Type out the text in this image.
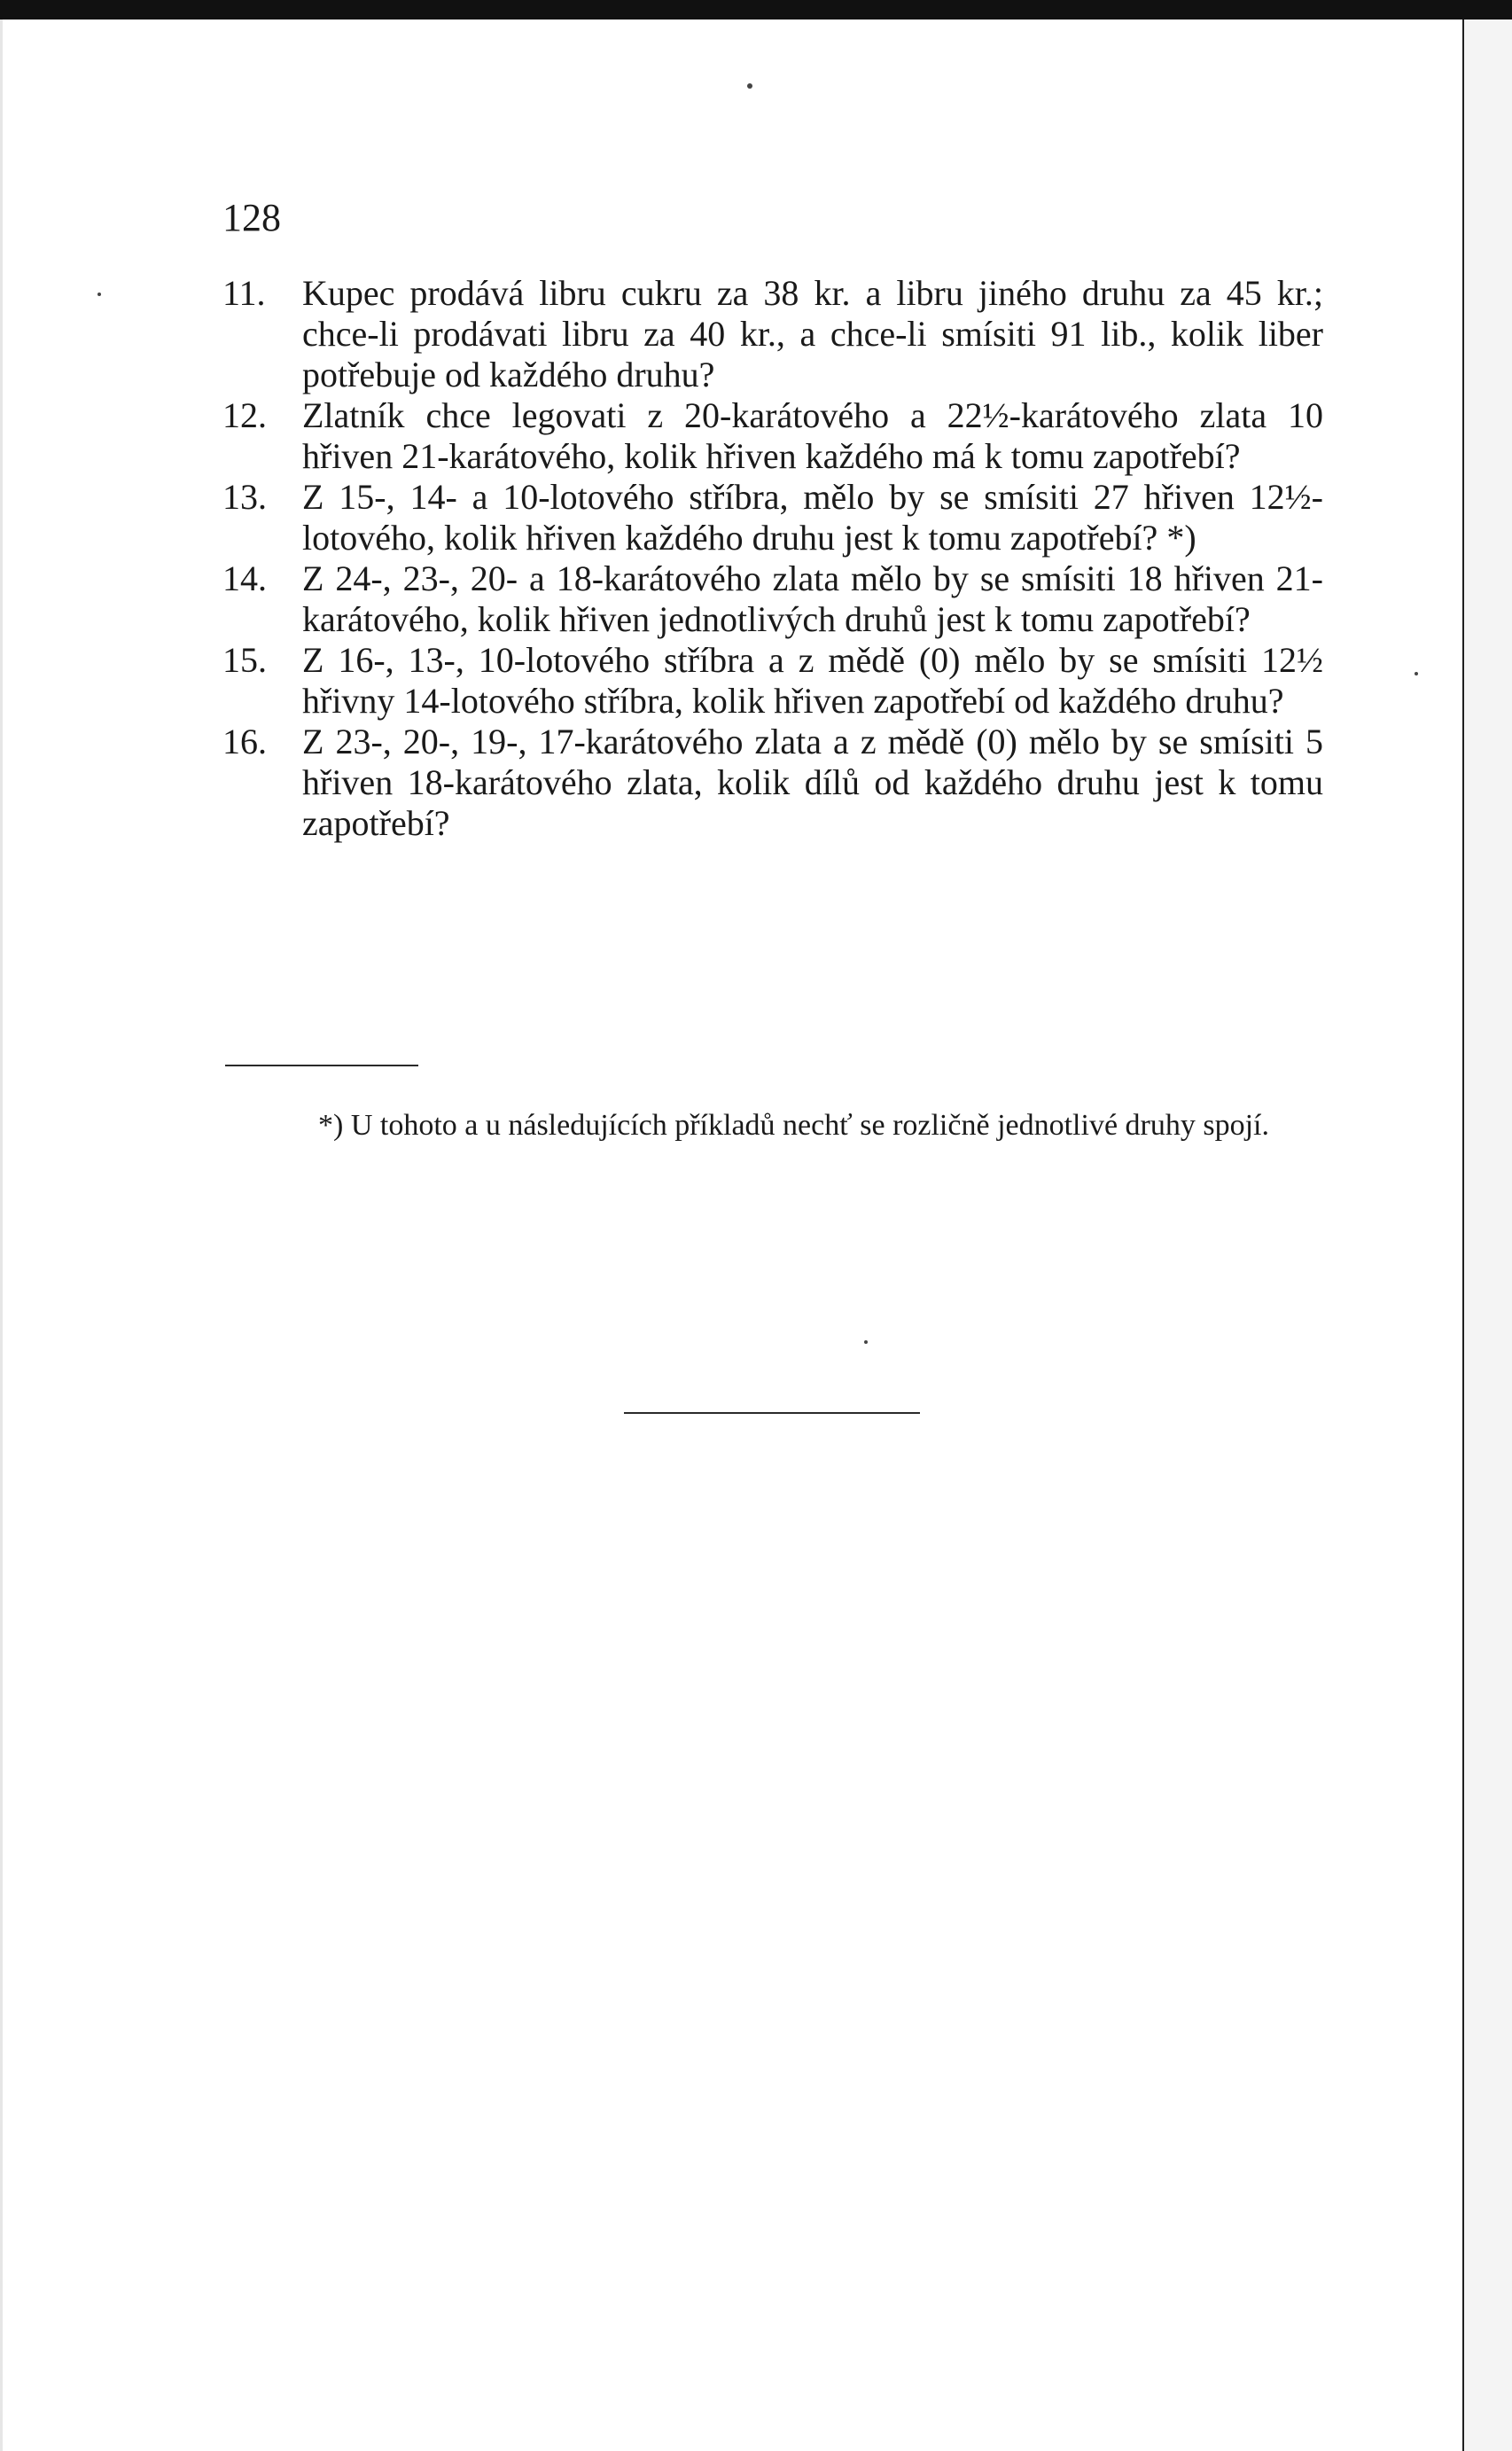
128
11. Kupec prodává libru cukru za 38 kr. a libru jiného druhu za 45 kr.; chce-li prodávati libru za 40 kr., a chce-li smísiti 91 lib., kolik liber potřebuje od každého druhu?
12. Zlatník chce legovati z 20-karátového a 22½-karátového zlata 10 hřiven 21-karátového, kolik hřiven každého má k tomu zapotřebí?
13. Z 15-, 14- a 10-lotového stříbra, mělo by se smísiti 27 hřiven 12½-lotového, kolik hřiven každého druhu jest k tomu zapotřebí? *)
14. Z 24-, 23-, 20- a 18-karátového zlata mělo by se smísiti 18 hřiven 21-karátového, kolik hřiven jednotlivých druhů jest k tomu zapotřebí?
15. Z 16-, 13-, 10-lotového stříbra a z mědě (0) mělo by se smísiti 12½ hřivny 14-lotového stříbra, kolik hřiven zapotřebí od každého druhu?
16. Z 23-, 20-, 19-, 17-karátového zlata a z mědě (0) mělo by se smísiti 5 hřiven 18-karátového zlata, kolik dílů od každého druhu jest k tomu zapotřebí?
*) U tohoto a u následujících příkladů nechť se rozličně jednotlivé druhy spojí.
